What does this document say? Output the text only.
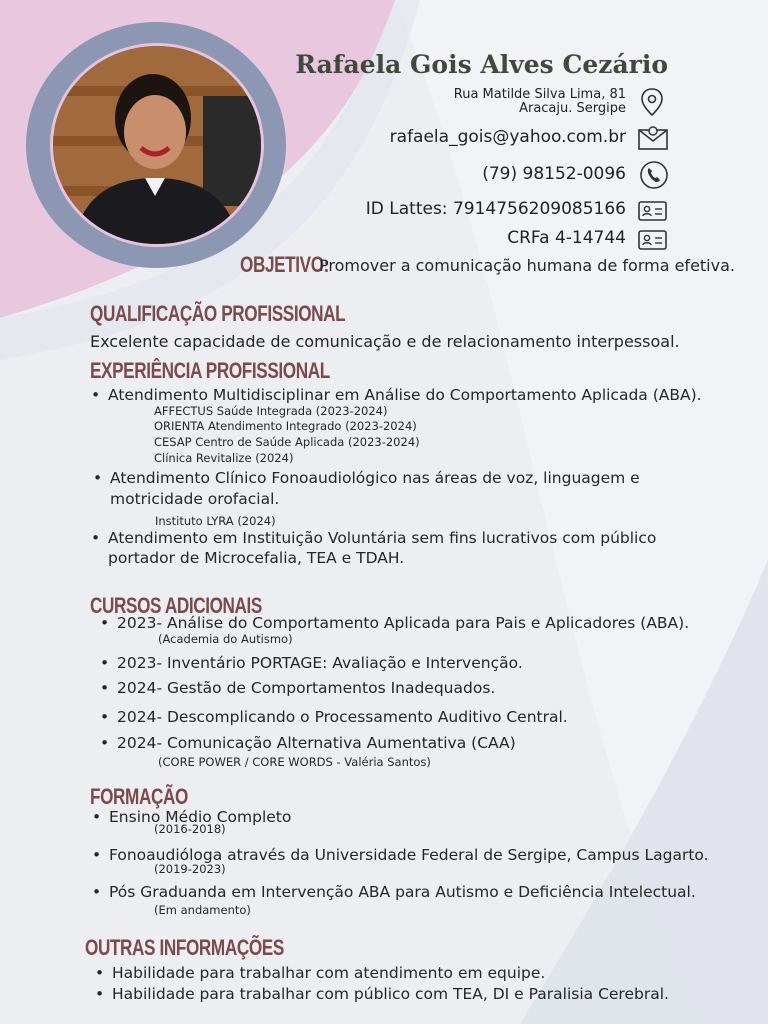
Rafaela Gois Alves Cezário
Rua Matilde Silva Lima, 81
Aracaju. Sergipe
rafaela_gois@yahoo.com.br
(79) 98152-0096
ID Lattes: 7914756209085166
CRFa 4-14744
OBJETIVO:
Promover a comunicação humana de forma efetiva.
QUALIFICAÇÃO PROFISSIONAL
Excelente capacidade de comunicação e de relacionamento interpessoal.
EXPERIÊNCIA PROFISSIONAL
• Atendimento Multidisciplinar em Análise do Comportamento Aplicada (ABA).
AFFECTUS Saúde Integrada (2023-2024)
ORIENTA Atendimento Integrado (2023-2024)
CESAP Centro de Saúde Aplicada (2023-2024)
Clínica Revitalize (2024)
• Atendimento Clínico Fonoaudiológico nas áreas de voz, linguagem e
motricidade orofacial.
Instituto LYRA (2024)
• Atendimento em Instituição Voluntária sem fins lucrativos com público
portador de Microcefalia, TEA e TDAH.
CURSOS ADICIONAIS
• 2023- Análise do Comportamento Aplicada para Pais e Aplicadores (ABA).
(Academia do Autismo)
• 2023- Inventário PORTAGE: Avaliação e Intervenção.
• 2024- Gestão de Comportamentos Inadequados.
• 2024- Descomplicando o Processamento Auditivo Central.
• 2024- Comunicação Alternativa Aumentativa (CAA)
(CORE POWER / CORE WORDS - Valéria Santos)
FORMAÇÃO
• Ensino Médio Completo
(2016-2018)
• Fonoaudióloga através da Universidade Federal de Sergipe, Campus Lagarto.
(2019-2023)
• Pós Graduanda em Intervenção ABA para Autismo e Deficiência Intelectual.
(Em andamento)
OUTRAS INFORMAÇÕES
• Habilidade para trabalhar com atendimento em equipe.
• Habilidade para trabalhar com público com TEA, DI e Paralisia Cerebral.
